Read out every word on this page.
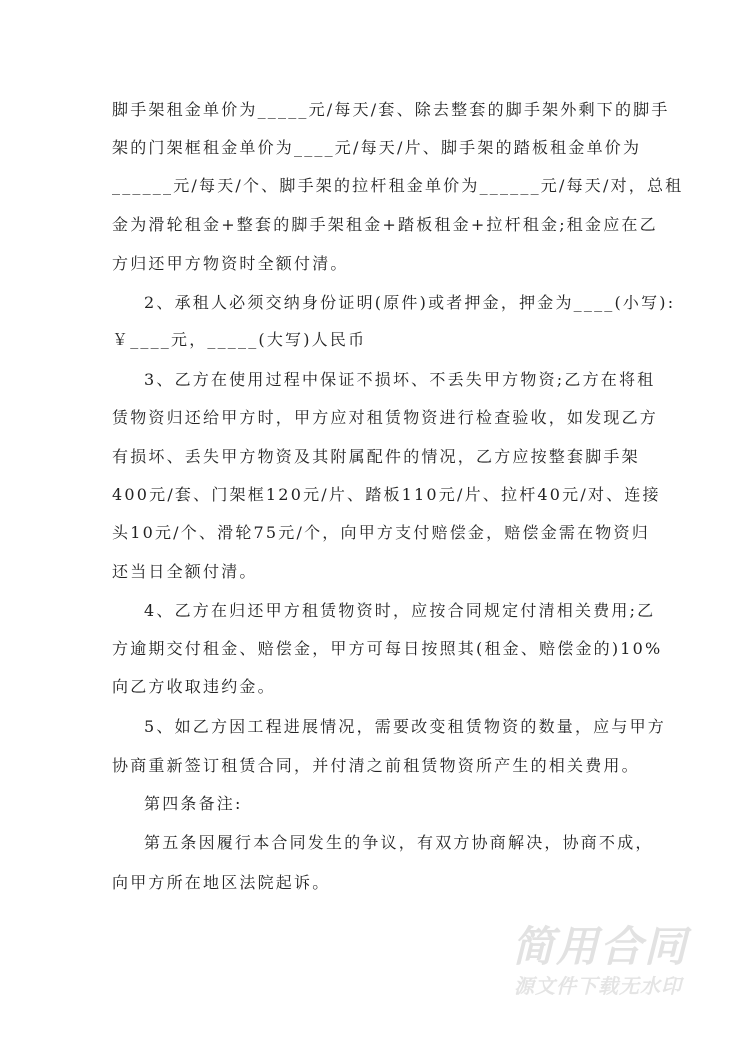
脚手架租金单价为_____元/每天/套、除去整套的脚手架外剩下的脚手
架的门架框租金单价为____元/每天/片、脚手架的踏板租金单价为
______元/每天/个、脚手架的拉杆租金单价为______元/每天/对，总租
金为滑轮租金+整套的脚手架租金+踏板租金+拉杆租金;租金应在乙
方归还甲方物资时全额付清。
2、承租人必须交纳身份证明(原件)或者押金，押金为____(小写):
￥____元，_____(大写)人民币
3、乙方在使用过程中保证不损坏、不丢失甲方物资;乙方在将租
赁物资归还给甲方时，甲方应对租赁物资进行检查验收，如发现乙方
有损坏、丢失甲方物资及其附属配件的情况，乙方应按整套脚手架
400元/套、门架框120元/片、踏板110元/片、拉杆40元/对、连接
头10元/个、滑轮75元/个，向甲方支付赔偿金，赔偿金需在物资归
还当日全额付清。
4、乙方在归还甲方租赁物资时，应按合同规定付清相关费用;乙
方逾期交付租金、赔偿金，甲方可每日按照其(租金、赔偿金的)10%
向乙方收取违约金。
5、如乙方因工程进展情况，需要改变租赁物资的数量，应与甲方
协商重新签订租赁合同，并付清之前租赁物资所产生的相关费用。
第四条备注:
第五条因履行本合同发生的争议，有双方协商解决，协商不成，
向甲方所在地区法院起诉。
简用合同
源文件下载无水印
